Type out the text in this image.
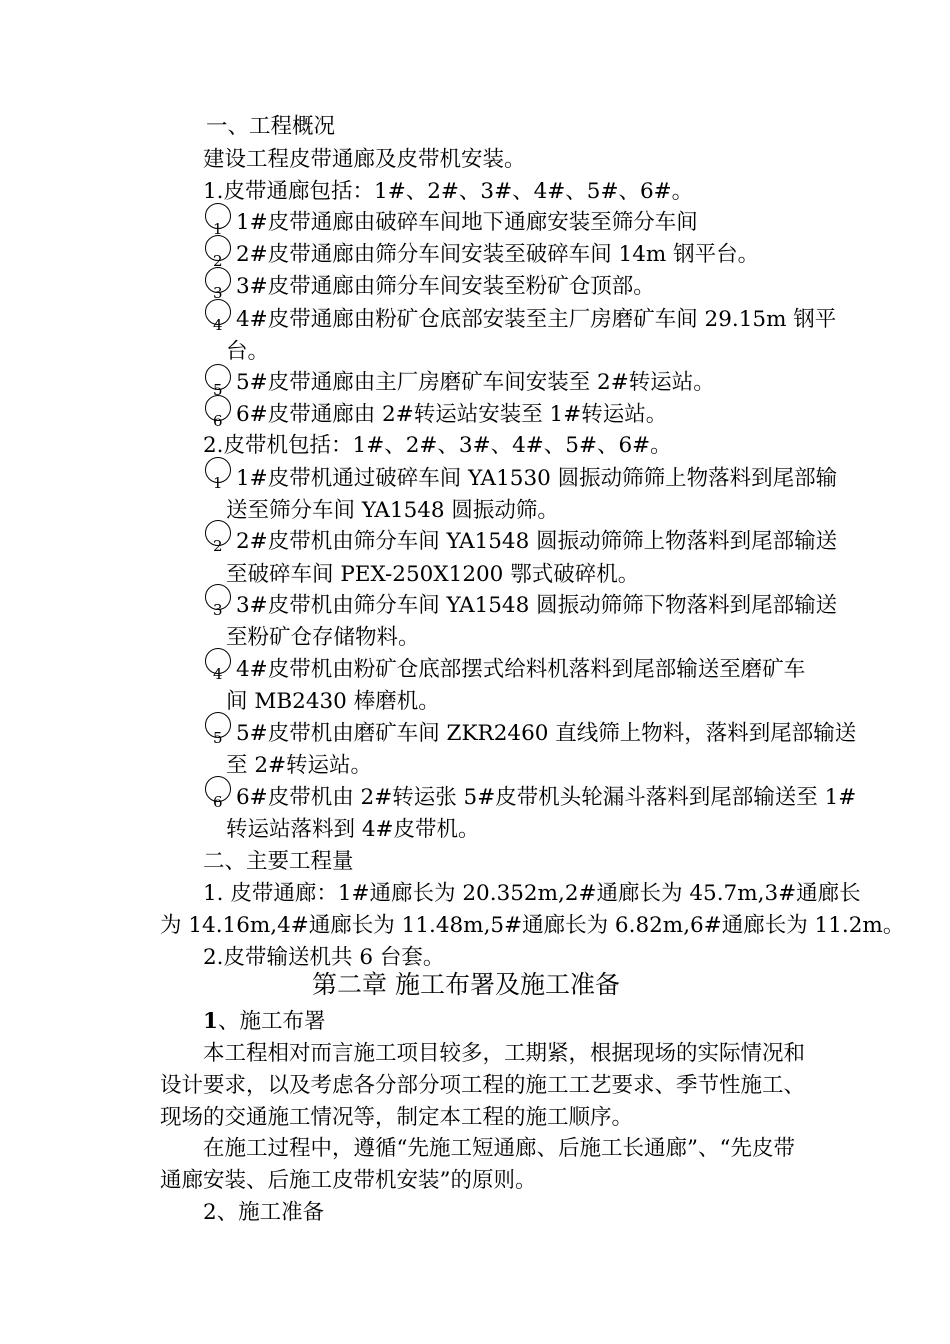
一、工程概况
建设工程皮带通廊及皮带机安装。
1.皮带通廊包括：1#、2#、3#、4#、5#、6#。
1 1#皮带通廊由破碎车间地下通廊安装至筛分车间
2 2#皮带通廊由筛分车间安装至破碎车间 14m 钢平台。
3 3#皮带通廊由筛分车间安装至粉矿仓顶部。
4 4#皮带通廊由粉矿仓底部安装至主厂房磨矿车间 29.15m 钢平
台。
5 5#皮带通廊由主厂房磨矿车间安装至 2#转运站。
6 6#皮带通廊由 2#转运站安装至 1#转运站。
2.皮带机包括：1#、2#、3#、4#、5#、6#。
1 1#皮带机通过破碎车间 YA1530 圆振动筛筛上物落料到尾部输
送至筛分车间 YA1548 圆振动筛。
2 2#皮带机由筛分车间 YA1548 圆振动筛筛上物落料到尾部输送
至破碎车间 PEX-250X1200 鄂式破碎机。
3 3#皮带机由筛分车间 YA1548 圆振动筛筛下物落料到尾部输送
至粉矿仓存储物料。
4 4#皮带机由粉矿仓底部摆式给料机落料到尾部输送至磨矿车
间 MB2430 棒磨机。
5 5#皮带机由磨矿车间 ZKR2460 直线筛上物料，落料到尾部输送
至 2#转运站。
6 6#皮带机由 2#转运张 5#皮带机头轮漏斗落料到尾部输送至 1#
转运站落料到 4#皮带机。
二、主要工程量
1. 皮带通廊：1#通廊长为 20.352m,2#通廊长为 45.7m,3#通廊长
为 14.16m,4#通廊长为 11.48m,5#通廊长为 6.82m,6#通廊长为 11.2m。
2.皮带输送机共 6 台套。
第二章 施工布署及施工准备
1、施工布署
本工程相对而言施工项目较多，工期紧，根据现场的实际情况和
设计要求，以及考虑各分部分项工程的施工工艺要求、季节性施工、
现场的交通施工情况等，制定本工程的施工顺序。
在施工过程中，遵循“先施工短通廊、后施工长通廊”、“先皮带
通廊安装、后施工皮带机安装”的原则。
2、施工准备
